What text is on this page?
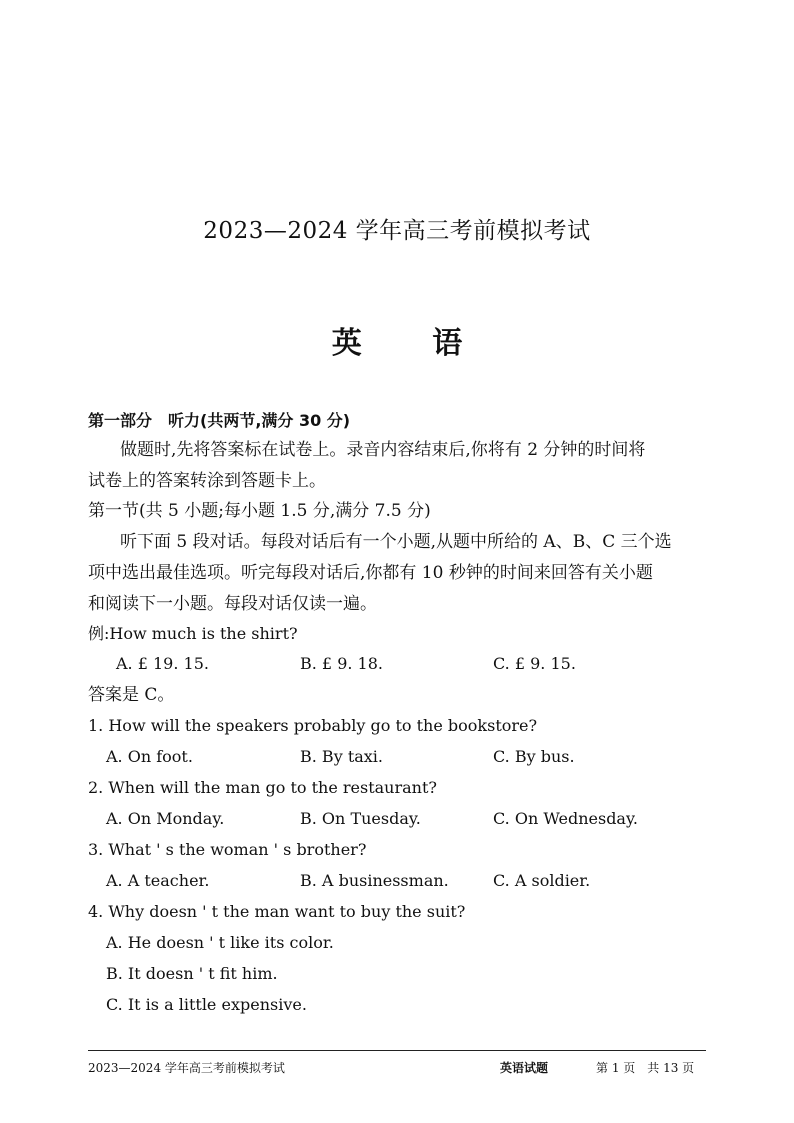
2023—2024 学年高三考前模拟考试
英 语
第一部分　听力(共两节,满分 30 分)
做题时,先将答案标在试卷上。录音内容结束后,你将有 2 分钟的时间将
试卷上的答案转涂到答题卡上。
第一节(共 5 小题;每小题 1.5 分,满分 7.5 分)
听下面 5 段对话。每段对话后有一个小题,从题中所给的 A、B、C 三个选
项中选出最佳选项。听完每段对话后,你都有 10 秒钟的时间来回答有关小题
和阅读下一小题。每段对话仅读一遍。
例:How much is the shirt?
A. £ 19. 15.	B. £ 9. 18.	C. £ 9. 15.
答案是 C。
1. How will the speakers probably go to the bookstore?
A. On foot.	B. By taxi.	C. By bus.
2. When will the man go to the restaurant?
A. On Monday.	B. On Tuesday.	C. On Wednesday.
3. What ' s the woman ' s brother?
A. A teacher.	B. A businessman.	C. A soldier.
4. Why doesn ' t the man want to buy the suit?
A. He doesn ' t like its color.
B. It doesn ' t fit him.
C. It is a little expensive.
2023—2024 学年高三考前模拟考试	英语试题	第 1 页　共 13 页
